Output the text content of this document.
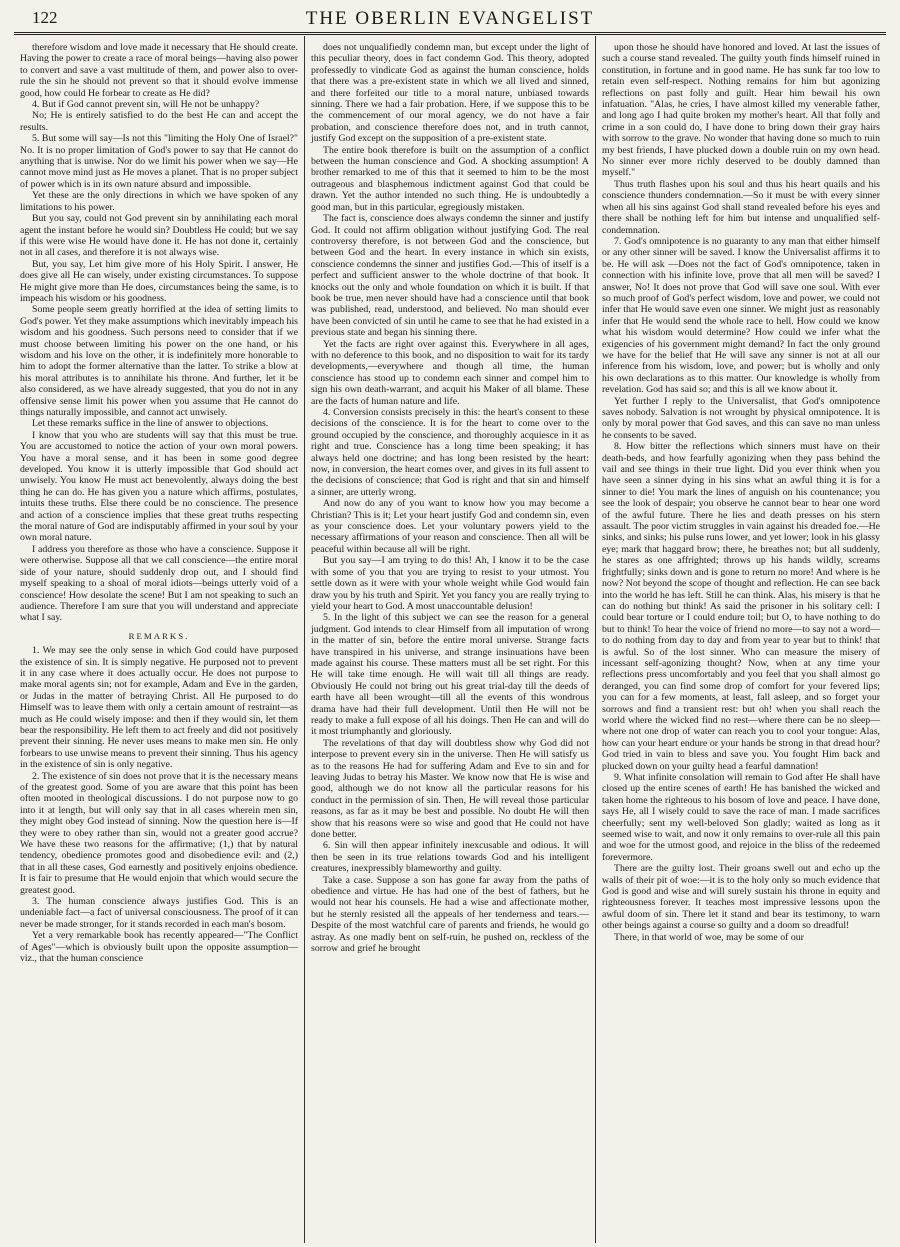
122	THE OBERLIN EVANGELIST

therefore wisdom and love made it necessary that He should create. Having the power to create a race of moral beings—having also power to convert and save a vast multitude of them, and power also to over-rule the sin he should not prevent so that it should evolve immense good, how could He forbear to create as He did?

4. But if God cannot prevent sin, will He not be unhappy?

No; He is entirely satisfied to do the best He can and accept the results.

5. But some will say—Is not this "limiting the Holy One of Israel?" No. It is no proper limitation of God's power to say that He cannot do anything that is unwise. Nor do we limit his power when we say—He cannot move mind just as He moves a planet. That is no proper subject of power which is in its own nature absurd and impossible.

Yet these are the only directions in which we have spoken of any limitations to his power.

But you say, could not God prevent sin by annihilating each moral agent the instant before he would sin? Doubtless He could; but we say if this were wise He would have done it. He has not done it, certainly not in all cases, and therefore it is not always wise.

But, you say, Let him give more of his Holy Spirit. I answer, He does give all He can wisely, under existing circumstances. To suppose He might give more than He does, circumstances being the same, is to impeach his wisdom or his goodness.

Some people seem greatly horrified at the idea of setting limits to God's power. Yet they make assumptions which inevitably impeach his wisdom and his goodness. Such persons need to consider that if we must choose between limiting his power on the one hand, or his wisdom and his love on the other, it is indefinitely more honorable to him to adopt the former alternative than the latter. To strike a blow at his moral attributes is to annihilate his throne. And further, let it be also considered, as we have already suggested, that you do not in any offensive sense limit his power when you assume that He cannot do things naturally impossible, and cannot act unwisely.

Let these remarks suffice in the line of answer to objections.

I know that you who are students will say that this must be true. You are accustomed to notice the action of your own moral powers. You have a moral sense, and it has been in some good degree developed. You know it is utterly impossible that God should act unwisely. You know He must act benevolently, always doing the best thing he can do. He has given you a nature which affirms, postulates, intuits these truths. Else there could be no conscience. The presence and action of a conscience implies that these great truths respecting the moral nature of God are indisputably affirmed in your soul by your own moral nature.

I address you therefore as those who have a conscience. Suppose it were otherwise. Suppose all that we call conscience—the entire moral side of your nature, should suddenly drop out, and I should find myself speaking to a shoal of moral idiots—beings utterly void of a conscience! How desolate the scene! But I am not speaking to such an audience. Therefore I am sure that you will understand and appreciate what I say.

REMARKS.

1. We may see the only sense in which God could have purposed the existence of sin. It is simply negative. He purposed not to prevent it in any case where it does actually occur. He does not purpose to make moral agents sin; not for example, Adam and Eve in the garden, or Judas in the matter of betraying Christ. All He purposed to do Himself was to leave them with only a certain amount of restraint—as much as He could wisely impose: and then if they would sin, let them bear the responsibility. He left them to act freely and did not positively prevent their sinning. He never uses means to make men sin. He only forbears to use unwise means to prevent their sinning. Thus his agency in the existence of sin is only negative.

2. The existence of sin does not prove that it is the necessary means of the greatest good. Some of you are aware that this point has been often mooted in theological discussions. I do not purpose now to go into it at length, but will only say that in all cases wherein men sin, they might obey God instead of sinning. Now the question here is—If they were to obey rather than sin, would not a greater good accrue? We have these two reasons for the affirmative; (1,) that by natural tendency, obedience promotes good and disobedience evil: and (2,) that in all these cases, God earnestly and positively enjoins obedience. It is fair to presume that He would enjoin that which would secure the greatest good.

3. The human conscience always justifies God. This is an undeniable fact—a fact of universal consciousness. The proof of it can never be made stronger, for it stands recorded in each man's bosom.

Yet a very remarkable book has recently appeared—"The Conflict of Ages"—which is obviously built upon the opposite assumption—viz., that the human conscience

does not unqualifiedly condemn man, but except under the light of this peculiar theory, does in fact condemn God. This theory, adopted professedly to vindicate God as against the human conscience, holds that there was a pre-existent state in which we all lived and sinned, and there forfeited our title to a moral nature, unbiased towards sinning. There we had a fair probation. Here, if we suppose this to be the commencement of our moral agency, we do not have a fair probation, and conscience therefore does not, and in truth cannot, justify God except on the supposition of a pre-existent state.

The entire book therefore is built on the assumption of a conflict between the human conscience and God. A shocking assumption! A brother remarked to me of this that it seemed to him to be the most outrageous and blasphemous indictment against God that could be drawn. Yet the author intended no such thing. He is undoubtedly a good man, but in this particular, egregiously mistaken.

The fact is, conscience does always condemn the sinner and justify God. It could not affirm obligation without justifying God. The real controversy therefore, is not between God and the conscience, but between God and the heart. In every instance in which sin exists, conscience condemns the sinner and justifies God.—This of itself is a perfect and sufficient answer to the whole doctrine of that book. It knocks out the only and whole foundation on which it is built. If that book be true, men never should have had a conscience until that book was published, read, understood, and believed. No man should ever have been convicted of sin until he came to see that he had existed in a previous state and began his sinning there.

Yet the facts are right over against this. Everywhere in all ages, with no deference to this book, and no disposition to wait for its tardy developments,—everywhere and though all time, the human conscience has stood up to condemn each sinner and compel him to sign his own death-warrant, and acquit his Maker of all blame. These are the facts of human nature and life.

4. Conversion consists precisely in this: the heart's consent to these decisions of the conscience. It is for the heart to come over to the ground occupied by the conscience, and thoroughly acquiesce in it as right and true. Conscience has a long time been speaking; it has always held one doctrine; and has long been resisted by the heart: now, in conversion, the heart comes over, and gives in its full assent to the decisions of conscience; that God is right and that sin and himself a sinner, are utterly wrong.

And now do any of you want to know how you may become a Christian? This is it; Let your heart justify God and condemn sin, even as your conscience does. Let your voluntary powers yield to the necessary affirmations of your reason and conscience. Then all will be peaceful within because all will be right.

But you say—I am trying to do this! Ah, I know it to be the case with some of you that you are trying to resist to your utmost. You settle down as it were with your whole weight while God would fain draw you by his truth and Spirit. Yet you fancy you are really trying to yield your heart to God. A most unaccountable delusion!

5. In the light of this subject we can see the reason for a general judgment. God intends to clear Himself from all imputation of wrong in the matter of sin, before the entire moral universe. Strange facts have transpired in his universe, and strange insinuations have been made against his course. These matters must all be set right. For this He will take time enough. He will wait till all things are ready. Obviously He could not bring out his great trial-day till the deeds of earth have all been wrought—till all the events of this wondrous drama have had their full development. Until then He will not be ready to make a full expose of all his doings. Then He can and will do it most triumphantly and gloriously.

The revelations of that day will doubtless show why God did not interpose to prevent every sin in the universe. Then He will satisfy us as to the reasons He had for suffering Adam and Eve to sin and for leaving Judas to betray his Master. We know now that He is wise and good, although we do not know all the particular reasons for his conduct in the permission of sin. Then, He will reveal those particular reasons, as far as it may be best and possible. No doubt He will then show that his reasons were so wise and good that He could not have done better.

6. Sin will then appear infinitely inexcusable and odious. It will then be seen in its true relations towards God and his intelligent creatures, inexpressibly blameworthy and guilty.

Take a case. Suppose a son has gone far away from the paths of obedience and virtue. He has had one of the best of fathers, but he would not hear his counsels. He had a wise and affectionate mother, but he sternly resisted all the appeals of her tenderness and tears.—Despite of the most watchful care of parents and friends, he would go astray. As one madly bent on self-ruin, he pushed on, reckless of the sorrow and grief he brought

upon those he should have honored and loved. At last the issues of such a course stand revealed. The guilty youth finds himself ruined in constitution, in fortune and in good name. He has sunk far too low to retain even self-respect. Nothing remains for him but agonizing reflections on past folly and guilt. Hear him bewail his own infatuation. "Alas, he cries, I have almost killed my venerable father, and long ago I had quite broken my mother's heart. All that folly and crime in a son could do, I have done to bring down their gray hairs with sorrow to the grave. No wonder that having done so much to ruin my best friends, I have plucked down a double ruin on my own head. No sinner ever more richly deserved to be doubly damned than myself."

Thus truth flashes upon his soul and thus his heart quails and his conscience thunders condemnation.—So it must be with every sinner when all his sins against God shall stand revealed before his eyes and there shall be nothing left for him but intense and unqualified self-condemnation.

7. God's omnipotence is no guaranty to any man that either himself or any other sinner will be saved. I know the Universalist affirms it to be. He will ask —Does not the fact of God's omnipotence, taken in connection with his infinite love, prove that all men will be saved? I answer, No! It does not prove that God will save one soul. With ever so much proof of God's perfect wisdom, love and power, we could not infer that He would save even one sinner. We might just as reasonably infer that He would send the whole race to hell. How could we know what his wisdom would determine? How could we infer what the exigencies of his government might demand? In fact the only ground we have for the belief that He will save any sinner is not at all our inference from his wisdom, love, and power; but is wholly and only his own declarations as to this matter. Our knowledge is wholly from revelation. God has said so; and this is all we know about it.

Yet further I reply to the Universalist, that God's omnipotence saves nobody. Salvation is not wrought by physical omnipotence. It is only by moral power that God saves, and this can save no man unless he consents to be saved.

8. How bitter the reflections which sinners must have on their death-beds, and how fearfully agonizing when they pass behind the vail and see things in their true light. Did you ever think when you have seen a sinner dying in his sins what an awful thing it is for a sinner to die! You mark the lines of anguish on his countenance; you see the look of despair; you observe he cannot bear to hear one word of the awful future. There he lies and death presses on his stern assault. The poor victim struggles in vain against his dreaded foe.—He sinks, and sinks; his pulse runs lower, and yet lower; look in his glassy eye; mark that haggard brow; there, he breathes not; but all suddenly, he stares as one affrighted; throws up his hands wildly, screams frightfully; sinks down and is gone to return no more! And where is he now? Not beyond the scope of thought and reflection. He can see back into the world he has left. Still he can think. Alas, his misery is that he can do nothing but think! As said the prisoner in his solitary cell: I could bear torture or I could endure toil; but O, to have nothing to do but to think! To hear the voice of friend no more—to say not a word—to do nothing from day to day and from year to year but to think! that is awful. So of the lost sinner. Who can measure the misery of incessant self-agonizing thought? Now, when at any time your reflections press uncomfortably and you feel that you shall almost go deranged, you can find some drop of comfort for your fevered lips; you can for a few moments, at least, fall asleep, and so forget your sorrows and find a transient rest: but oh! when you shall reach the world where the wicked find no rest—where there can be no sleep—where not one drop of water can reach you to cool your tongue: Alas, how can your heart endure or your hands be strong in that dread hour? God tried in vain to bless and save you. You fought Him back and plucked down on your guilty head a fearful damnation!

9. What infinite consolation will remain to God after He shall have closed up the entire scenes of earth! He has banished the wicked and taken home the righteous to his bosom of love and peace. I have done, says He, all I wisely could to save the race of man. I made sacrifices cheerfully; sent my well-beloved Son gladly; waited as long as it seemed wise to wait, and now it only remains to over-rule all this pain and woe for the utmost good, and rejoice in the bliss of the redeemed forevermore.

There are the guilty lost. Their groans swell out and echo up the walls of their pit of woe:—it is to the holy only so much evidence that God is good and wise and will surely sustain his throne in equity and righteousness forever. It teaches most impressive lessons upon the awful doom of sin. There let it stand and bear its testimony, to warn other beings against a course so guilty and a doom so dreadful!

There, in that world of woe, may be some of our
